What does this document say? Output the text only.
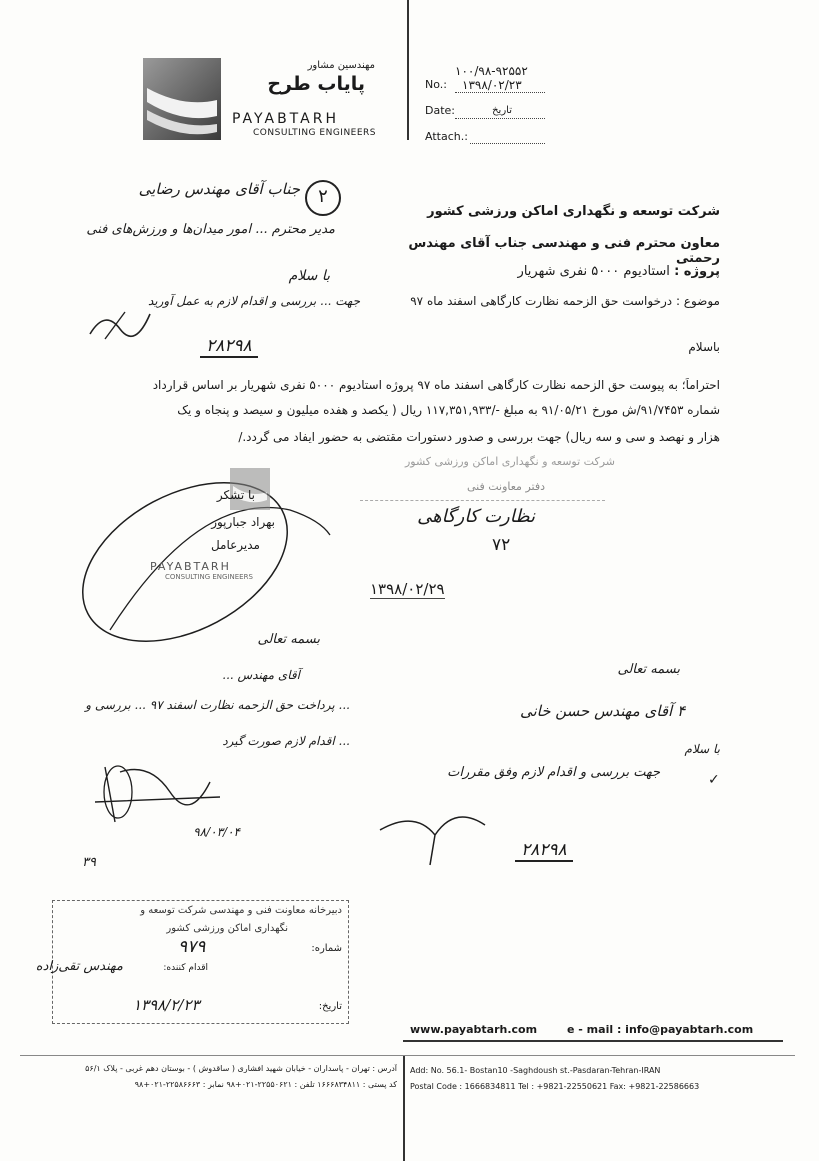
مهندسین مشاور
پایاب طرح
PAYABTARH
CONSULTING ENGINEERS
۱۰۰/۹۸-۹۲۵۵۲
No.: ۱۳۹۸/۰۲/۲۳
Date:	تاریخ
Attach.:
۲
جناب آقای مهندس رضایی
مدیر محترم ... امور میدان‌ها و ورزش‌های فنی
با سلام
جهت ... بررسی و اقدام لازم به عمل آورید
۲۸۲۹۸
شرکت توسعه و نگهداری اماکن ورزشی کشور
معاون محترم فنی و مهندسی جناب آقای مهندس رحمتی
پروژه : استادیوم ۵۰۰۰ نفری شهریار
موضوع : درخواست حق الزحمه نظارت کارگاهی اسفند ماه ۹۷
باسلام
احتراماً؛ به پیوست حق الزحمه نظارت کارگاهی اسفند ماه ۹۷ پروژه استادیوم ۵۰۰۰ نفری شهریار بر اساس قرارداد
شماره ۹۱/۷۴۵۳/ش مورخ ۹۱/۰۵/۲۱ به مبلغ -/۱۱۷,۳۵۱,۹۳۳ ریال ( یکصد و هفده میلیون و سیصد و پنجاه و یک
هزار و نهصد و سی و سه ریال) جهت بررسی و صدور دستورات مقتضی به حضور ایفاد می گردد./
شرکت توسعه و نگهداری اماکن ورزشی کشور
دفتر معاونت فنی
نظارت کارگاهی
۷۲
۱۳۹۸/۰۲/۲۹
با تشکر
بهراد جبارپور
مدیرعامل
PAYABTARH
CONSULTING ENGINEERS
بسمه تعالی
آقای مهندس ...
... پرداخت حق الزحمه نظارت اسفند ۹۷ ... بررسی و
... اقدام لازم صورت گیرد
۹۸/۰۳/۰۴
۳۹
بسمه تعالی
۴ آقای مهندس حسن خانی
با سلام
جهت بررسی و اقدام لازم وفق مقررات	✓
۲۸۲۹۸
دبیرخانه معاونت فنی و مهندسی شرکت توسعه و
نگهداری اماکن ورزشی کشور
شماره:
۹۷۹
اقدام کننده:
مهندس تقی‌زاده
تاریخ:
۱۳۹۸/۲/۲۳
www.payabtarh.com	e - mail : info@payabtarh.com
آدرس : تهران - پاسداران - خیابان شهید افشاری ( ساقدوش ) - بوستان دهم غربی - پلاک ۵۶/۱
کد پستی : ۱۶۶۶۸۳۴۸۱۱ تلفن : ۲۲۵۵۰۶۲۱-۰۲۱+۹۸ نمابر : ۲۲۵۸۶۶۶۳-۰۲۱+۹۸
Add: No. 56.1- Bostan10 -Saghdoush st.-Pasdaran-Tehran-IRAN
Postal Code : 1666834811 Tel : +9821-22550621 Fax: +9821-22586663
